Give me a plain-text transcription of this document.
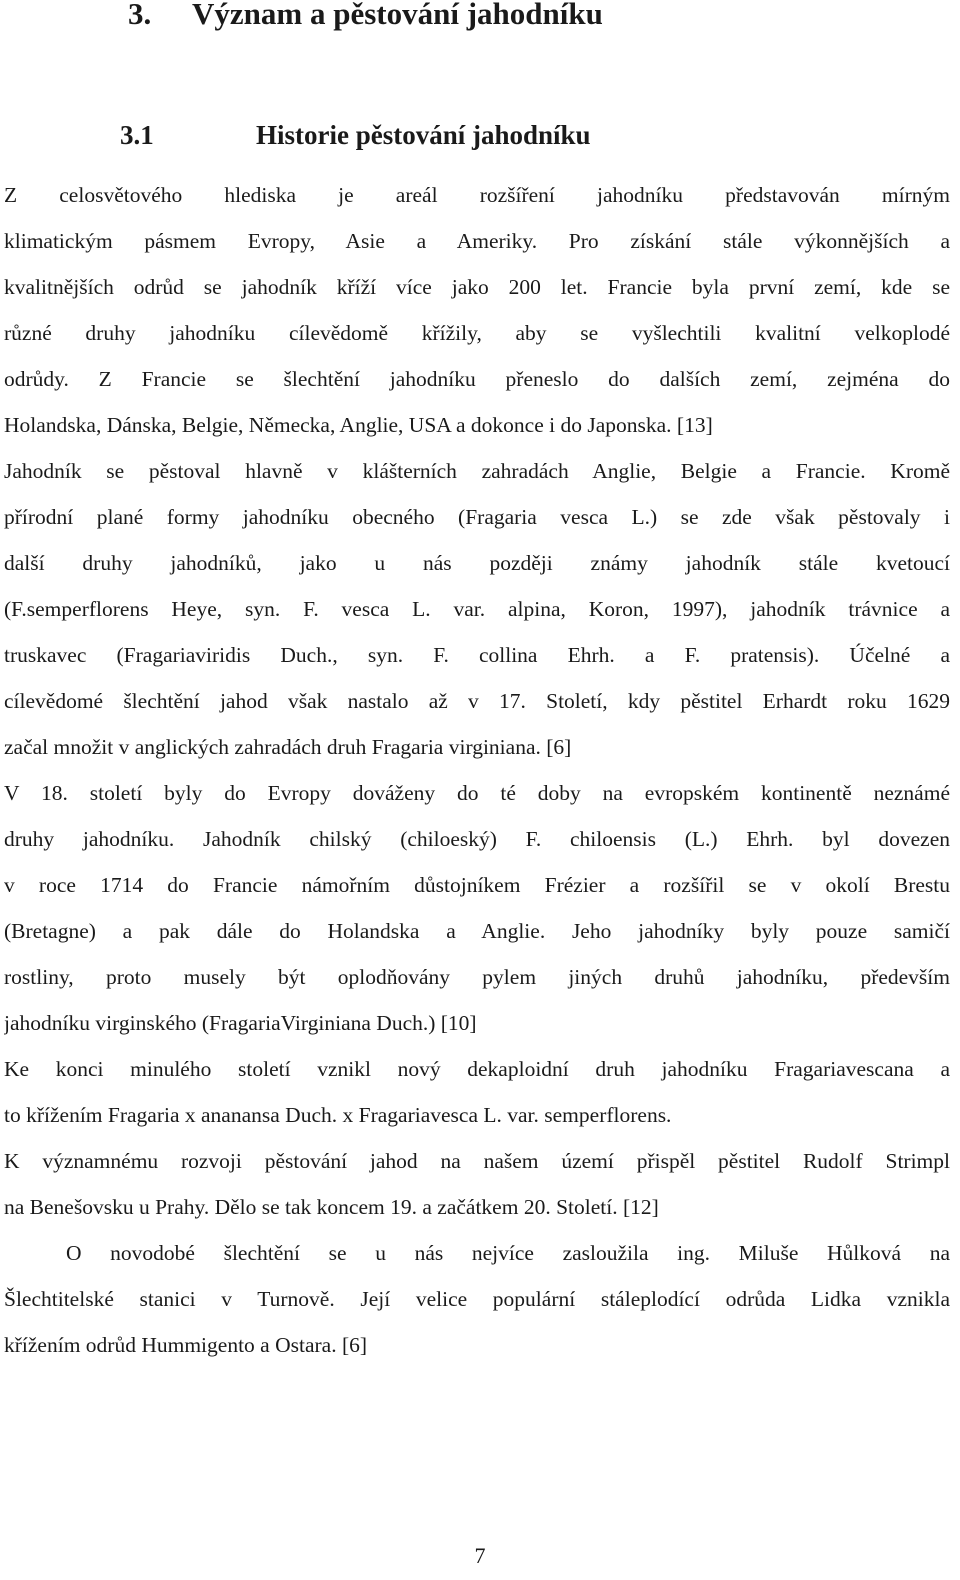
3. Význam a pěstování jahodníku
3.1	Historie pěstování jahodníku
Z celosvětového hlediska je areál rozšíření jahodníku představován mírným
klimatickým pásmem Evropy, Asie a Ameriky. Pro získání stále výkonnějších a
kvalitnějších odrůd se jahodník kříží více jako 200 let. Francie byla první zemí, kde se
různé druhy jahodníku cílevědomě křížily, aby se vyšlechtili kvalitní velkoplodé
odrůdy. Z Francie se šlechtění jahodníku přeneslo do dalších zemí, zejména do
Holandska, Dánska, Belgie, Německa, Anglie, USA a dokonce i do Japonska. [13]
Jahodník se pěstoval hlavně v klášterních zahradách Anglie, Belgie a Francie. Kromě
přírodní plané formy jahodníku obecného (Fragaria vesca L.) se zde však pěstovaly i
další druhy jahodníků, jako u nás později známy jahodník stále kvetoucí
(F.semperflorens Heye, syn. F. vesca L. var. alpina, Koron, 1997), jahodník trávnice a
truskavec (Fragariaviridis Duch., syn. F. collina Ehrh. a F. pratensis). Účelné a
cílevědomé šlechtění jahod však nastalo až v 17. Století, kdy pěstitel Erhardt roku 1629
začal množit v anglických zahradách druh Fragaria virginiana. [6]
V 18. století byly do Evropy dováženy do té doby na evropském kontinentě neznámé
druhy jahodníku. Jahodník chilský (chiloeský) F. chiloensis (L.) Ehrh. byl dovezen
v roce 1714 do Francie námořním důstojníkem Frézier a rozšířil se v okolí Brestu
(Bretagne) a pak dále do Holandska a Anglie. Jeho jahodníky byly pouze samičí
rostliny, proto musely být oplodňovány pylem jiných druhů jahodníku, především
jahodníku virginského (FragariaVirginiana Duch.) [10]
Ke konci minulého století vznikl nový dekaploidní druh jahodníku Fragariavescana a
to křížením Fragaria x ananansa Duch. x Fragariavesca L. var. semperflorens.
K významnému rozvoji pěstování jahod na našem území přispěl pěstitel Rudolf Strimpl
na Benešovsku u Prahy. Dělo se tak koncem 19. a začátkem 20. Století. [12]
O novodobé šlechtění se u nás nejvíce zasloužila ing. Miluše Hůlková na
Šlechtitelské stanici v Turnově. Její velice populární stáleplodící odrůda Lidka vznikla
křížením odrůd Hummigento a Ostara. [6]
7
